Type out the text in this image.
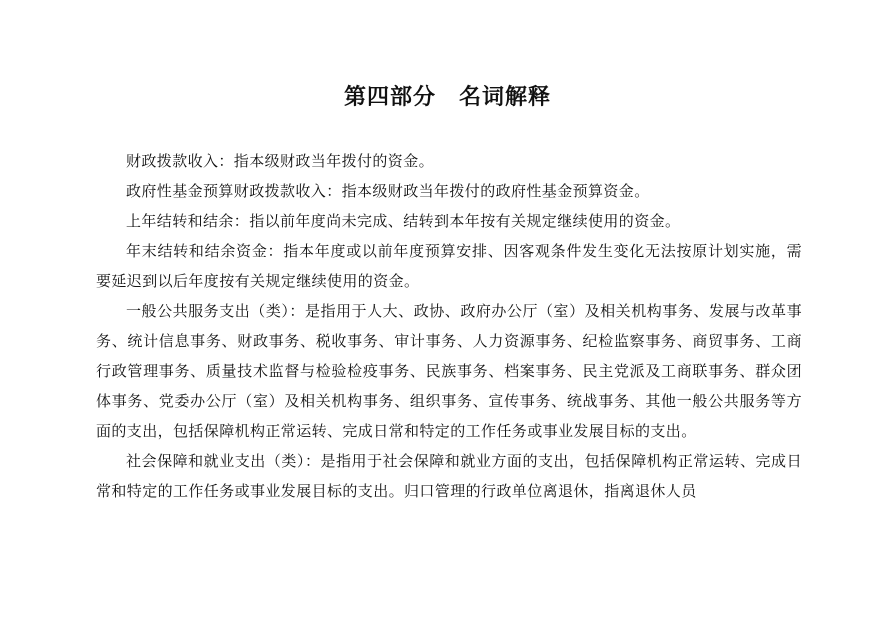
第四部分　名词解释

财政拨款收入：指本级财政当年拨付的资金。

政府性基金预算财政拨款收入：指本级财政当年拨付的政府性基金预算资金。

上年结转和结余：指以前年度尚未完成、结转到本年按有关规定继续使用的资金。

年末结转和结余资金：指本年度或以前年度预算安排、因客观条件发生变化无法按原计划实施，需要延迟到以后年度按有关规定继续使用的资金。

一般公共服务支出（类）：是指用于人大、政协、政府办公厅（室）及相关机构事务、发展与改革事务、统计信息事务、财政事务、税收事务、审计事务、人力资源事务、纪检监察事务、商贸事务、工商行政管理事务、质量技术监督与检验检疫事务、民族事务、档案事务、民主党派及工商联事务、群众团体事务、党委办公厅（室）及相关机构事务、组织事务、宣传事务、统战事务、其他一般公共服务等方面的支出，包括保障机构正常运转、完成日常和特定的工作任务或事业发展目标的支出。

社会保障和就业支出（类）：是指用于社会保障和就业方面的支出，包括保障机构正常运转、完成日常和特定的工作任务或事业发展目标的支出。归口管理的行政单位离退休，指离退休人员
